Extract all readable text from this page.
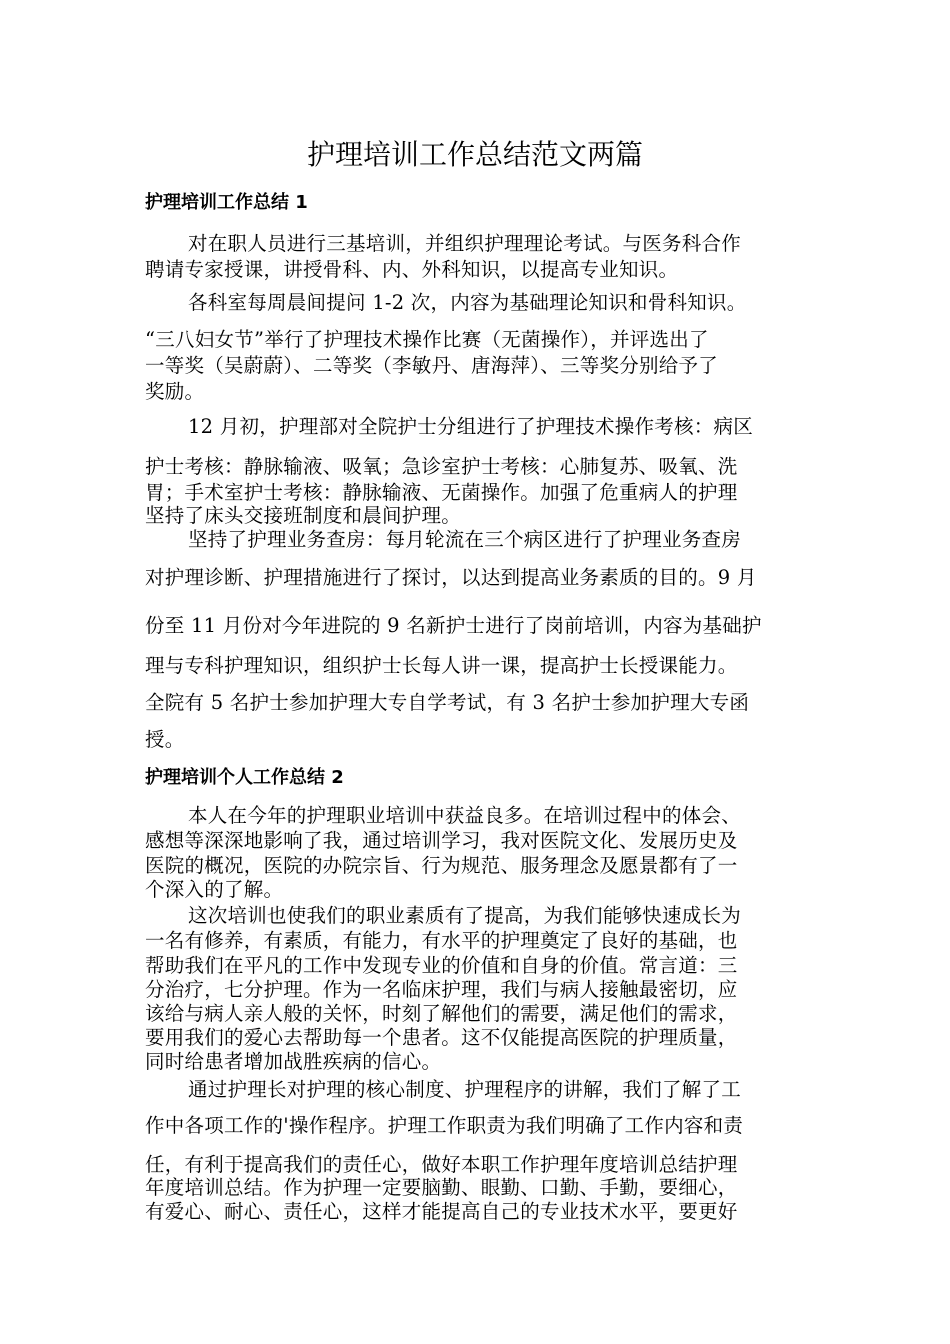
护理培训工作总结范文两篇
护理培训工作总结 1
对在职人员进行三基培训，并组织护理理论考试。与医务科合作
聘请专家授课，讲授骨科、内、外科知识，以提高专业知识。
各科室每周晨间提问 1-2 次，内容为基础理论知识和骨科知识。
“三八妇女节”举行了护理技术操作比赛（无菌操作），并评选出了
一等奖（吴蔚蔚）、二等奖（李敏丹、唐海萍）、三等奖分别给予了
奖励。
12 月初，护理部对全院护士分组进行了护理技术操作考核：病区
护士考核：静脉输液、吸氧；急诊室护士考核：心肺复苏、吸氧、洗
胃；手术室护士考核：静脉输液、无菌操作。加强了危重病人的护理
坚持了床头交接班制度和晨间护理。
坚持了护理业务查房：每月轮流在三个病区进行了护理业务查房
对护理诊断、护理措施进行了探讨，以达到提高业务素质的目的。9 月
份至 11 月份对今年进院的 9 名新护士进行了岗前培训，内容为基础护
理与专科护理知识，组织护士长每人讲一课，提高护士长授课能力。
全院有 5 名护士参加护理大专自学考试，有 3 名护士参加护理大专函
授。
护理培训个人工作总结 2
本人在今年的护理职业培训中获益良多。在培训过程中的体会、
感想等深深地影响了我，通过培训学习，我对医院文化、发展历史及
医院的概况，医院的办院宗旨、行为规范、服务理念及愿景都有了一
个深入的了解。
这次培训也使我们的职业素质有了提高，为我们能够快速成长为
一名有修养，有素质，有能力，有水平的护理奠定了良好的基础，也
帮助我们在平凡的工作中发现专业的价值和自身的价值。常言道：三
分治疗，七分护理。作为一名临床护理，我们与病人接触最密切，应
该给与病人亲人般的关怀，时刻了解他们的需要，满足他们的需求，
要用我们的爱心去帮助每一个患者。这不仅能提高医院的护理质量，
同时给患者增加战胜疾病的信心。
通过护理长对护理的核心制度、护理程序的讲解，我们了解了工
作中各项工作的'操作程序。护理工作职责为我们明确了工作内容和责
任，有利于提高我们的责任心，做好本职工作护理年度培训总结护理
年度培训总结。作为护理一定要脑勤、眼勤、口勤、手勤，要细心，
有爱心、耐心、责任心，这样才能提高自己的专业技术水平，要更好
